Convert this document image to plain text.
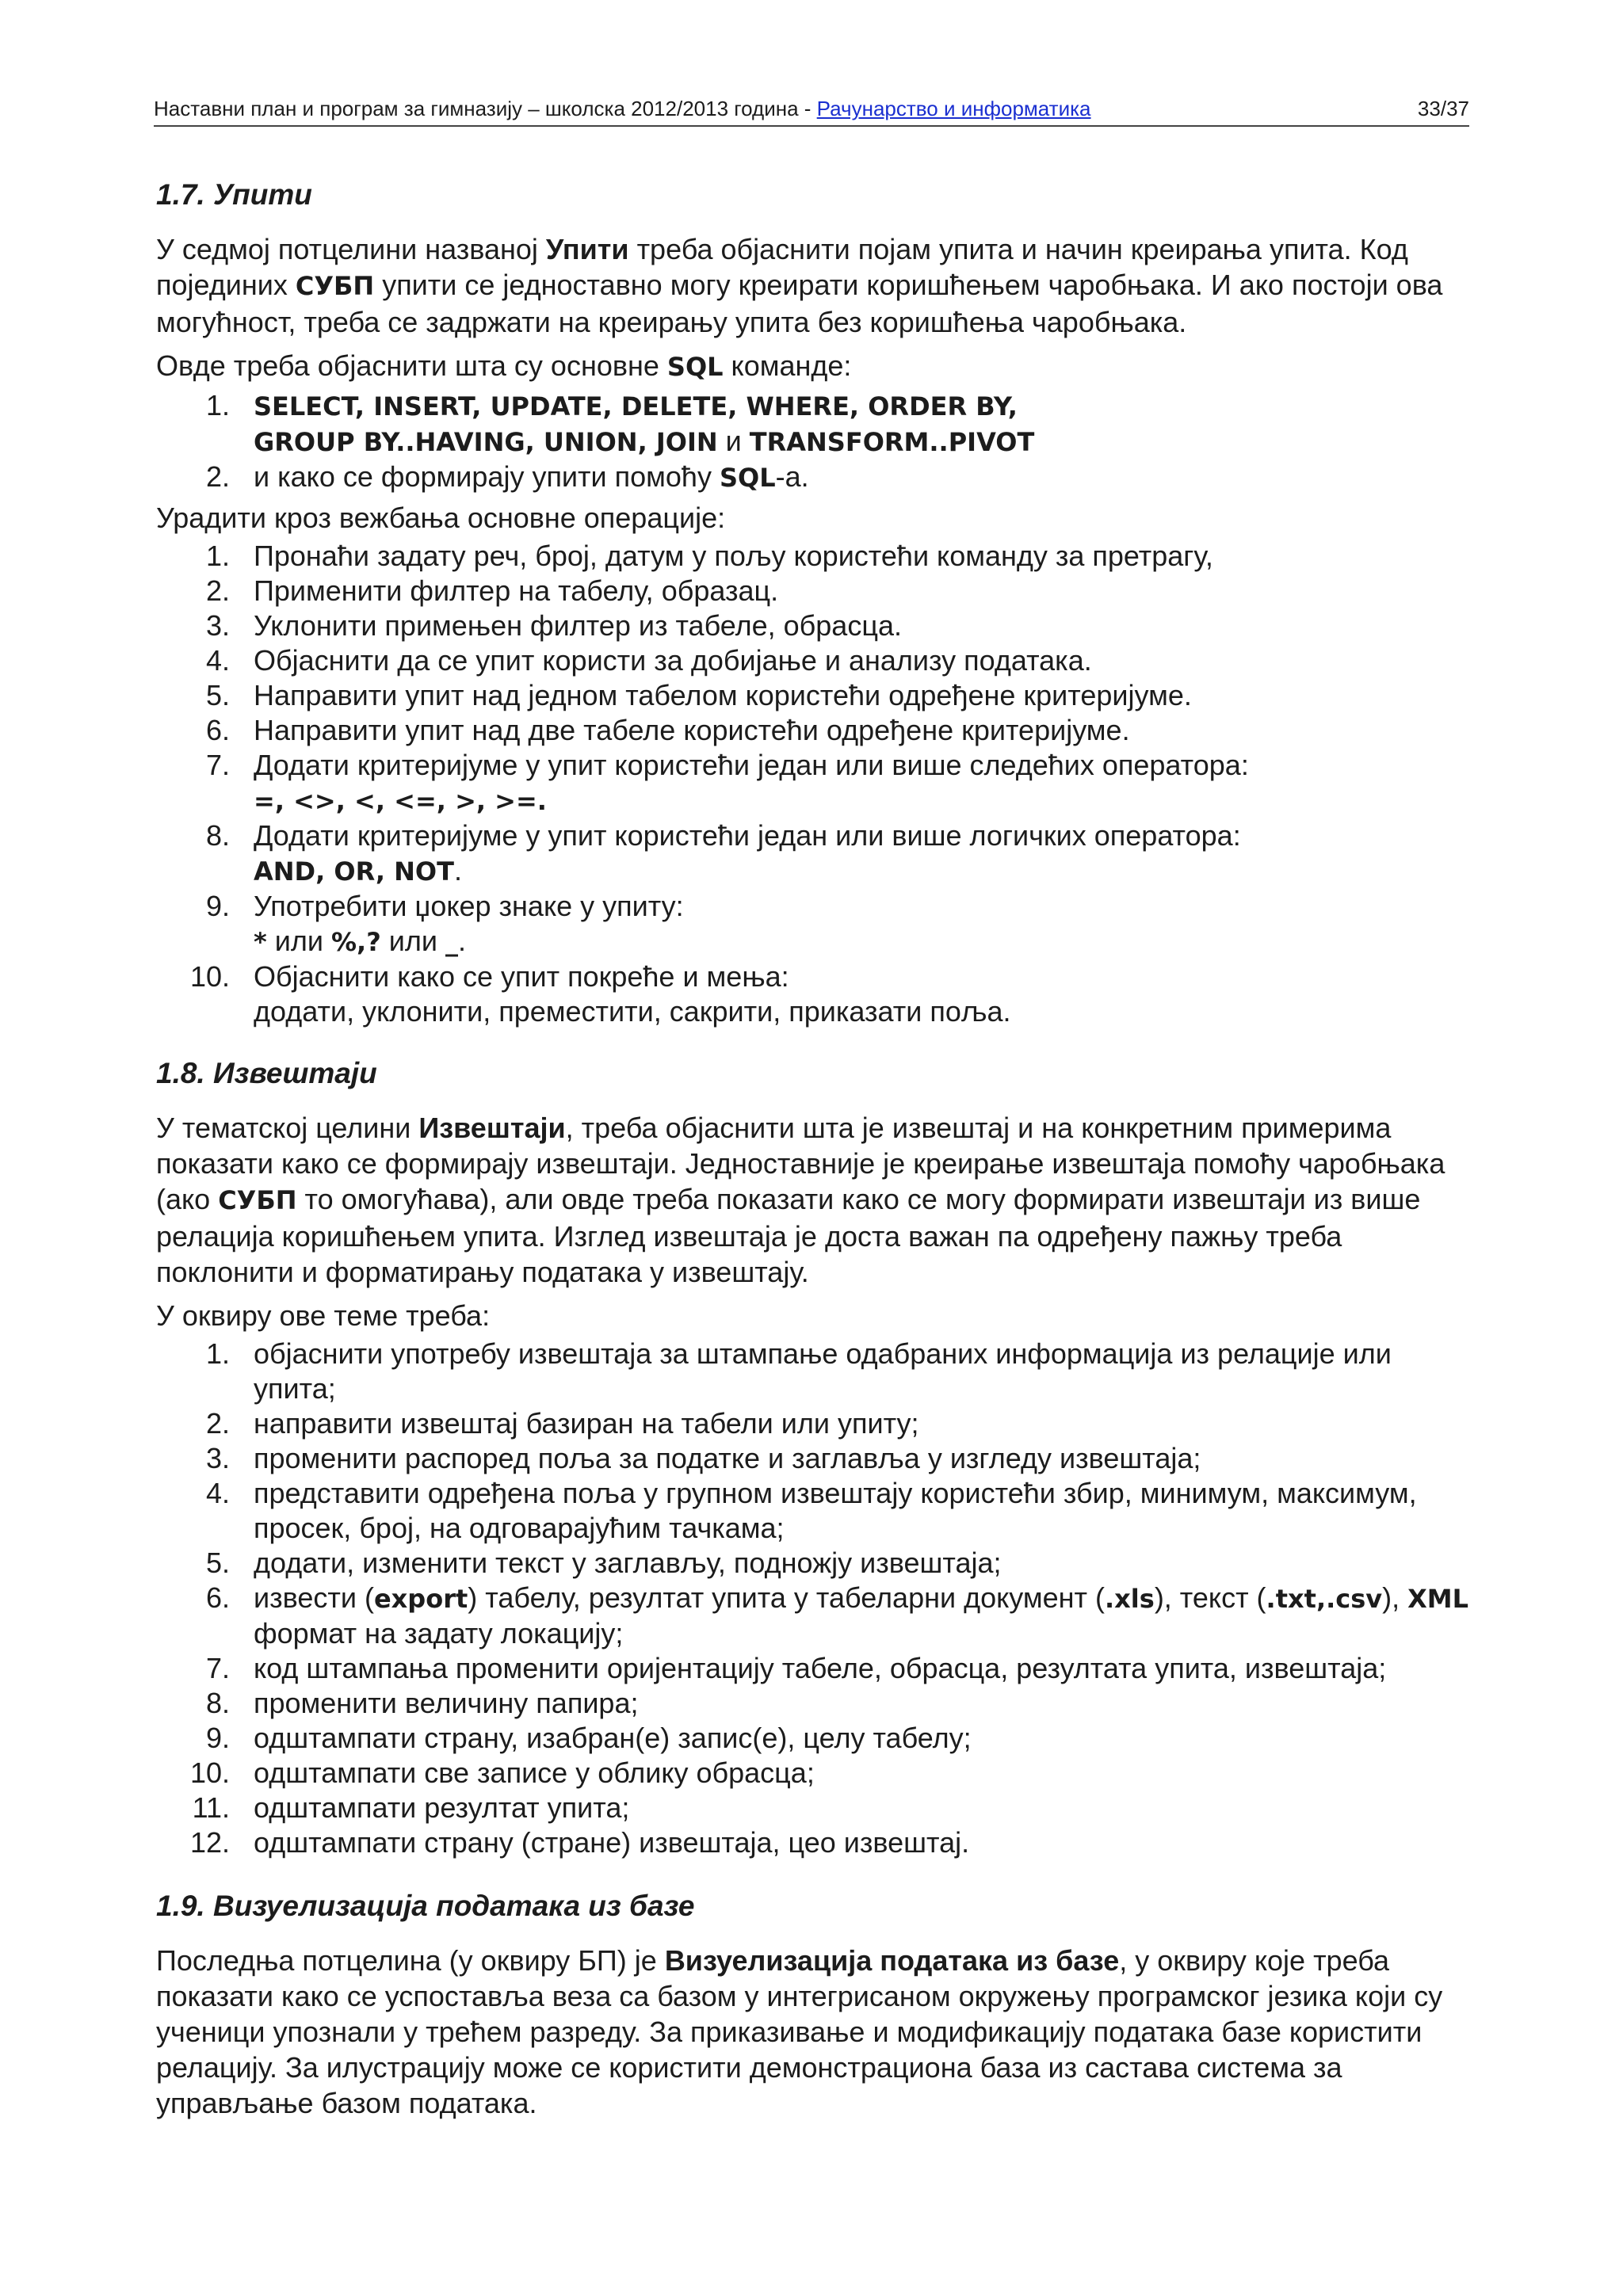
Наставни план и програм за гимназију – школска 2012/2013 година - Рачунарство и информатика	33/37

1.7. Упити

У седмој потцелини названој Упити треба објаснити појам упита и начин креирања упита. Код појединих СУБП упити се једноставно могу креирати коришћењем чаробњака. И ако постоји ова могућност, треба се задржати на креирању упита без коришћења чаробњака.

Овде треба објаснити шта су основне SQL команде:

1. SELECT, INSERT, UPDATE, DELETE, WHERE, ORDER BY,
GROUP BY..HAVING, UNION, JOIN и TRANSFORM..PIVOT
2. и како се формирају упити помоћу SQL-а.

Урадити кроз вежбања основне операције:

1. Пронаћи задату реч, број, датум у пољу користећи команду за претрагу,
2. Применити филтер на табелу, образац.
3. Уклонити примењен филтер из табеле, обрасца.
4. Објаснити да се упит користи за добијање и анализу података.
5. Направити упит над једном табелом користећи одређене критеријуме.
6. Направити упит над две табеле користећи одређене критеријуме.
7. Додати критеријуме у упит користећи један или више следећих оператора:
=, <>, <, <=, >, >=.
8. Додати критеријуме у упит користећи један или више логичких оператора:
AND, OR, NOT.
9. Употребити џокер знаке у упиту:
* или %,? или _.
10. Објаснити како се упит покреће и мења:
додати, уклонити, преместити, сакрити, приказати поља.

1.8. Извештаји

У тематској целини Извештаји, треба објаснити шта је извештај и на конкретним примерима показати како се формирају извештаји. Једноставније је креирање извештаја помоћу чаробњака (ако СУБП то омогућава), али овде треба показати како се могу формирати извештаји из више релација коришћењем упита. Изглед извештаја је доста важан па одређену пажњу треба поклонити и форматирању података у извештају.

У оквиру ове теме треба:

1. објаснити употребу извештаја за штампање одабраних информација из релације или упита;
2. направити извештај базиран на табели или упиту;
3. променити распоред поља за податке и заглавља у изгледу извештаја;
4. представити одређена поља у групном извештају користећи збир, минимум, максимум, просек, број, на одговарајућим тачкама;
5. додати, изменити текст у заглављу, подножју извештаја;
6. извести (export) табелу, резултат упита у табеларни документ (.xls), текст (.txt,.csv), XML формат на задату локацију;
7. код штампања променити оријентацију табеле, обрасца, резултата упита, извештаја;
8. променити величину папира;
9. одштампати страну, изабран(е) запис(е), целу табелу;
10. одштампати све записе у облику обрасца;
11. одштампати резултат упита;
12. одштампати страну (стране) извештаја, цео извештај.

1.9. Визуелизација података из базе

Последња потцелина (у оквиру БП) је Визуелизација података из базе, у оквиру које треба показати како се успоставља веза са базом у интегрисаном окружењу програмског језика који су ученици упознали у трећем разреду. За приказивање и модификацију података базе користити релацију. За илустрацију може се користити демонстрациона база из састава система за управљање базом података.
